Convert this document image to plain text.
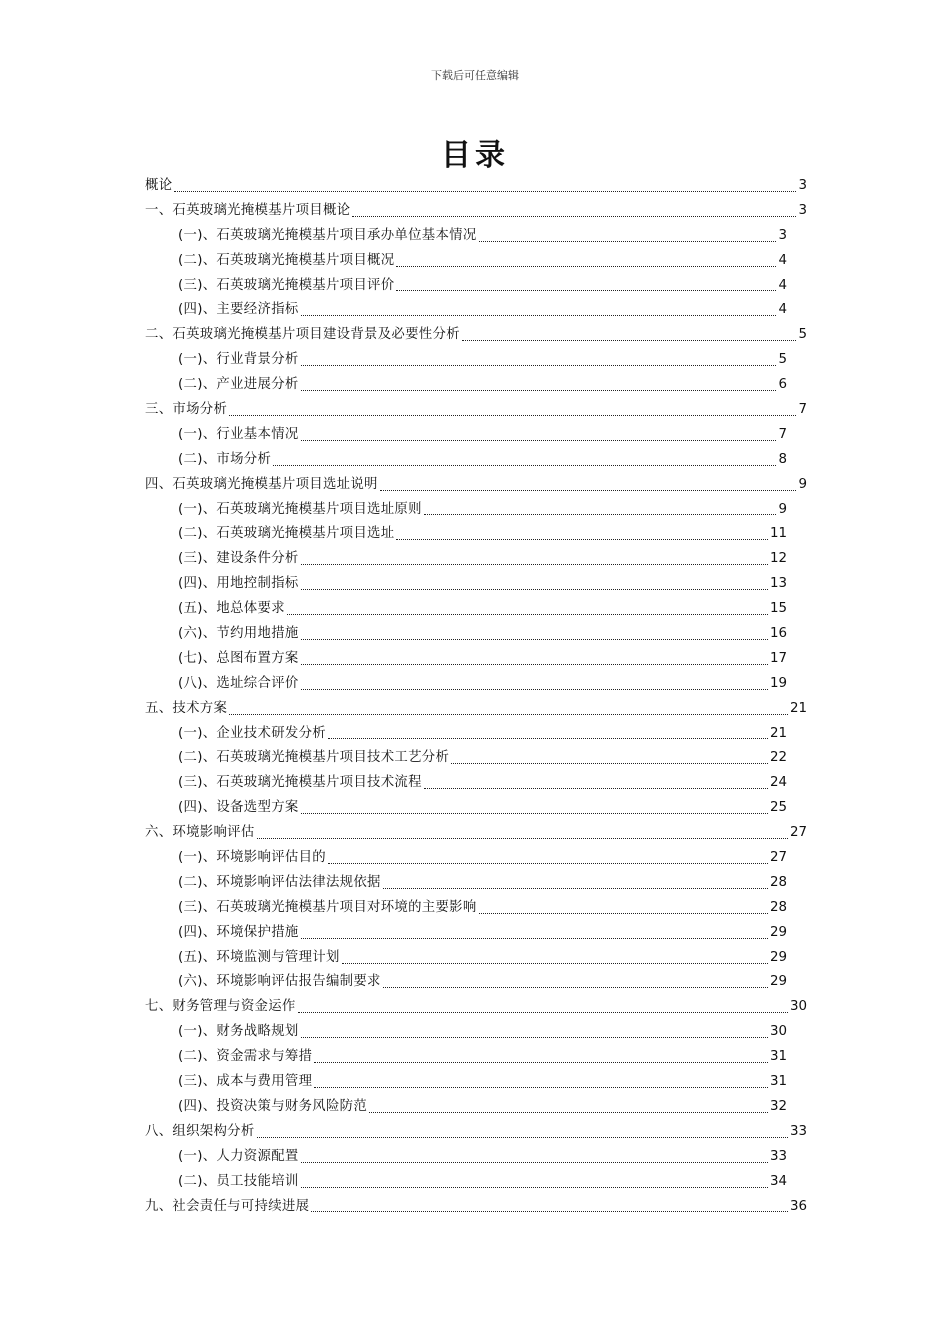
下载后可任意编辑
目录
概论	3
一、石英玻璃光掩模基片项目概论	3
(一)、石英玻璃光掩模基片项目承办单位基本情况	3
(二)、石英玻璃光掩模基片项目概况	4
(三)、石英玻璃光掩模基片项目评价	4
(四)、主要经济指标	4
二、石英玻璃光掩模基片项目建设背景及必要性分析	5
(一)、行业背景分析	5
(二)、产业进展分析	6
三、市场分析	7
(一)、行业基本情况	7
(二)、市场分析	8
四、石英玻璃光掩模基片项目选址说明	9
(一)、石英玻璃光掩模基片项目选址原则	9
(二)、石英玻璃光掩模基片项目选址	11
(三)、建设条件分析	12
(四)、用地控制指标	13
(五)、地总体要求	15
(六)、节约用地措施	16
(七)、总图布置方案	17
(八)、选址综合评价	19
五、技术方案	21
(一)、企业技术研发分析	21
(二)、石英玻璃光掩模基片项目技术工艺分析	22
(三)、石英玻璃光掩模基片项目技术流程	24
(四)、设备选型方案	25
六、环境影响评估	27
(一)、环境影响评估目的	27
(二)、环境影响评估法律法规依据	28
(三)、石英玻璃光掩模基片项目对环境的主要影响	28
(四)、环境保护措施	29
(五)、环境监测与管理计划	29
(六)、环境影响评估报告编制要求	29
七、财务管理与资金运作	30
(一)、财务战略规划	30
(二)、资金需求与筹措	31
(三)、成本与费用管理	31
(四)、投资决策与财务风险防范	32
八、组织架构分析	33
(一)、人力资源配置	33
(二)、员工技能培训	34
九、社会责任与可持续进展	36
